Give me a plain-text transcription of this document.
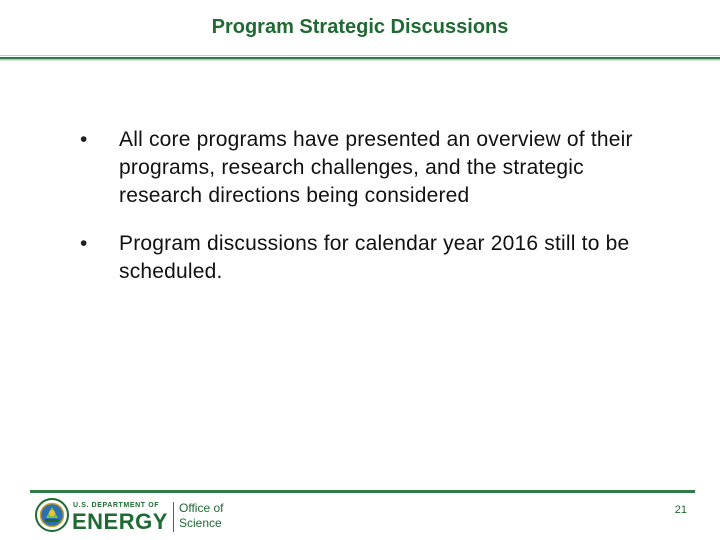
Program Strategic Discussions
•	All core programs have presented an overview of their programs, research challenges, and the strategic research directions being considered
•	Program discussions for calendar year 2016 still to be scheduled.
U.S. DEPARTMENT OF
ENERGY
Office of
Science
21
